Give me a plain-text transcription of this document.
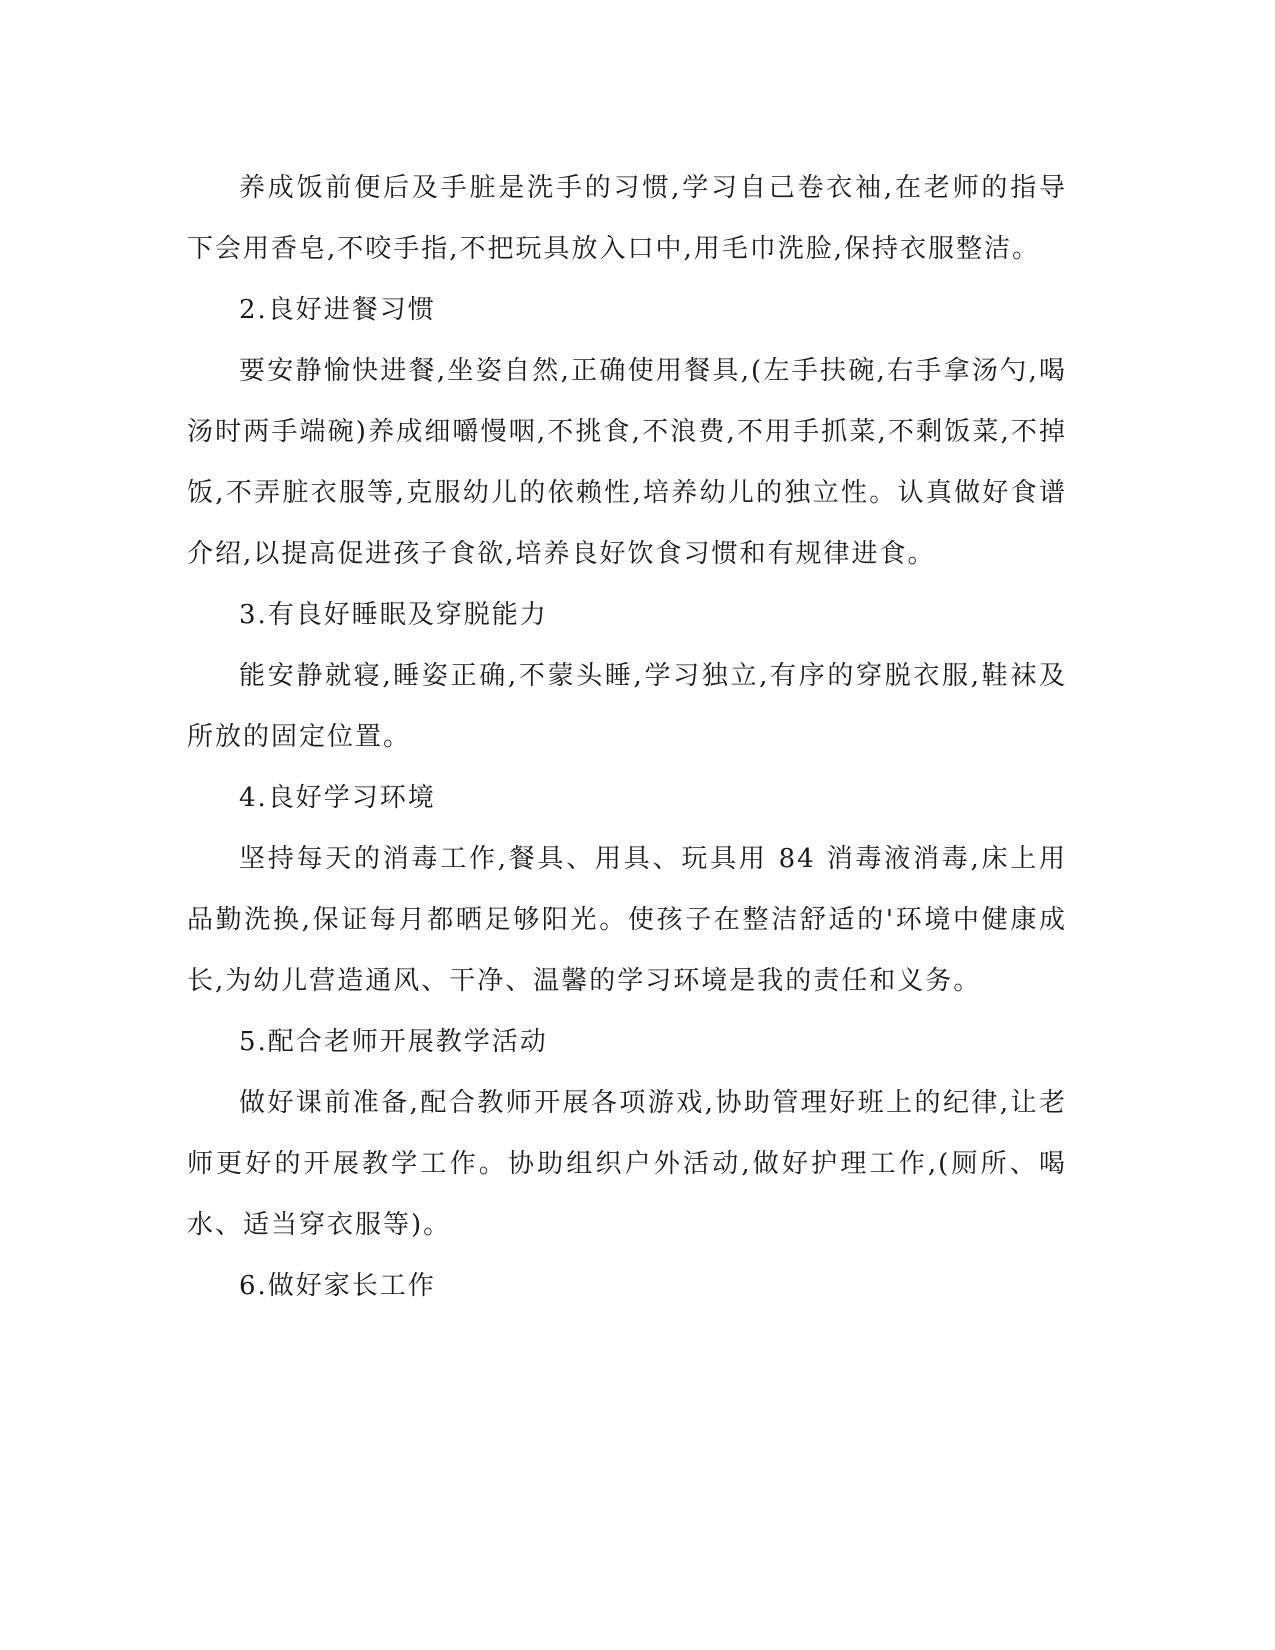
养成饭前便后及手脏是洗手的习惯,学习自己卷衣袖,在老师的指导下会用香皂,不咬手指,不把玩具放入口中,用毛巾洗脸,保持衣服整洁。

2.良好进餐习惯

要安静愉快进餐,坐姿自然,正确使用餐具,(左手扶碗,右手拿汤勺,喝汤时两手端碗)养成细嚼慢咽,不挑食,不浪费,不用手抓菜,不剩饭菜,不掉饭,不弄脏衣服等,克服幼儿的依赖性,培养幼儿的独立性。认真做好食谱介绍,以提高促进孩子食欲,培养良好饮食习惯和有规律进食。

3.有良好睡眠及穿脱能力

能安静就寝,睡姿正确,不蒙头睡,学习独立,有序的穿脱衣服,鞋袜及所放的固定位置。

4.良好学习环境

坚持每天的消毒工作,餐具、用具、玩具用 84 消毒液消毒,床上用品勤洗换,保证每月都晒足够阳光。使孩子在整洁舒适的'环境中健康成长,为幼儿营造通风、干净、温馨的学习环境是我的责任和义务。

5.配合老师开展教学活动

做好课前准备,配合教师开展各项游戏,协助管理好班上的纪律,让老师更好的开展教学工作。协助组织户外活动,做好护理工作,(厕所、喝水、适当穿衣服等)。

6.做好家长工作
